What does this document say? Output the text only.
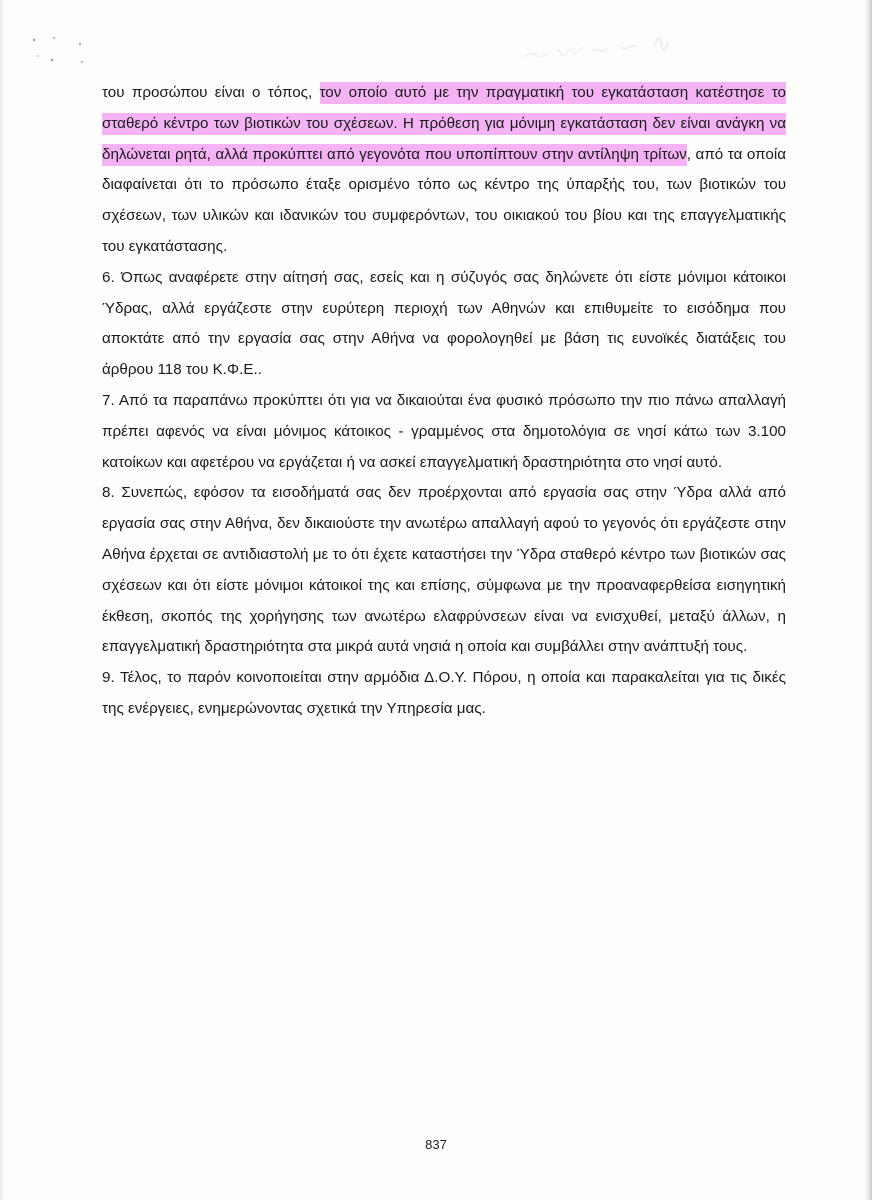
〜 〰 ∼ ∽ ∿

του προσώπου είναι ο τόπος, τον οποίο αυτό με την πραγματική του εγκατάσταση κατέστησε το σταθερό κέντρο των βιοτικών του σχέσεων. Η πρόθεση για μόνιμη εγκατάσταση δεν είναι ανάγκη να δηλώνεται ρητά, αλλά προκύπτει από γεγονότα που υποπίπτουν στην αντίληψη τρίτων, από τα οποία διαφαίνεται ότι το πρόσωπο έταξε ορισμένο τόπο ως κέντρο της ύπαρξής του, των βιοτικών του σχέσεων, των υλικών και ιδανικών του συμφερόντων, του οικιακού του βίου και της επαγγελματικής του εγκατάστασης.

6. Όπως αναφέρετε στην αίτησή σας, εσείς και η σύζυγός σας δηλώνετε ότι είστε μόνιμοι κάτοικοι Ύδρας, αλλά εργάζεστε στην ευρύτερη περιοχή των Αθηνών και επιθυμείτε το εισόδημα που αποκτάτε από την εργασία σας στην Αθήνα να φορολογηθεί με βάση τις ευνοϊκές διατάξεις του άρθρου 118 του Κ.Φ.Ε..

7. Από τα παραπάνω προκύπτει ότι για να δικαιούται ένα φυσικό πρόσωπο την πιο πάνω απαλλαγή πρέπει αφενός να είναι μόνιμος κάτοικος - γραμμένος στα δημοτολόγια σε νησί κάτω των 3.100 κατοίκων και αφετέρου να εργάζεται ή να ασκεί επαγγελματική δραστηριότητα στο νησί αυτό.

8. Συνεπώς, εφόσον τα εισοδήματά σας δεν προέρχονται από εργασία σας στην Ύδρα αλλά από εργασία σας στην Αθήνα, δεν δικαιούστε την ανωτέρω απαλλαγή αφού το γεγονός ότι εργάζεστε στην Αθήνα έρχεται σε αντιδιαστολή με το ότι έχετε καταστήσει την Ύδρα σταθερό κέντρο των βιοτικών σας σχέσεων και ότι είστε μόνιμοι κάτοικοί της και επίσης, σύμφωνα με την προαναφερθείσα εισηγητική έκθεση, σκοπός της χορήγησης των ανωτέρω ελαφρύνσεων είναι να ενισχυθεί, μεταξύ άλλων, η επαγγελματική δραστηριότητα στα μικρά αυτά νησιά η οποία και συμβάλλει στην ανάπτυξή τους.

9. Τέλος, το παρόν κοινοποιείται στην αρμόδια Δ.Ο.Υ. Πόρου, η οποία και παρακαλείται για τις δικές της ενέργειες, ενημερώνοντας σχετικά την Υπηρεσία μας.

837
